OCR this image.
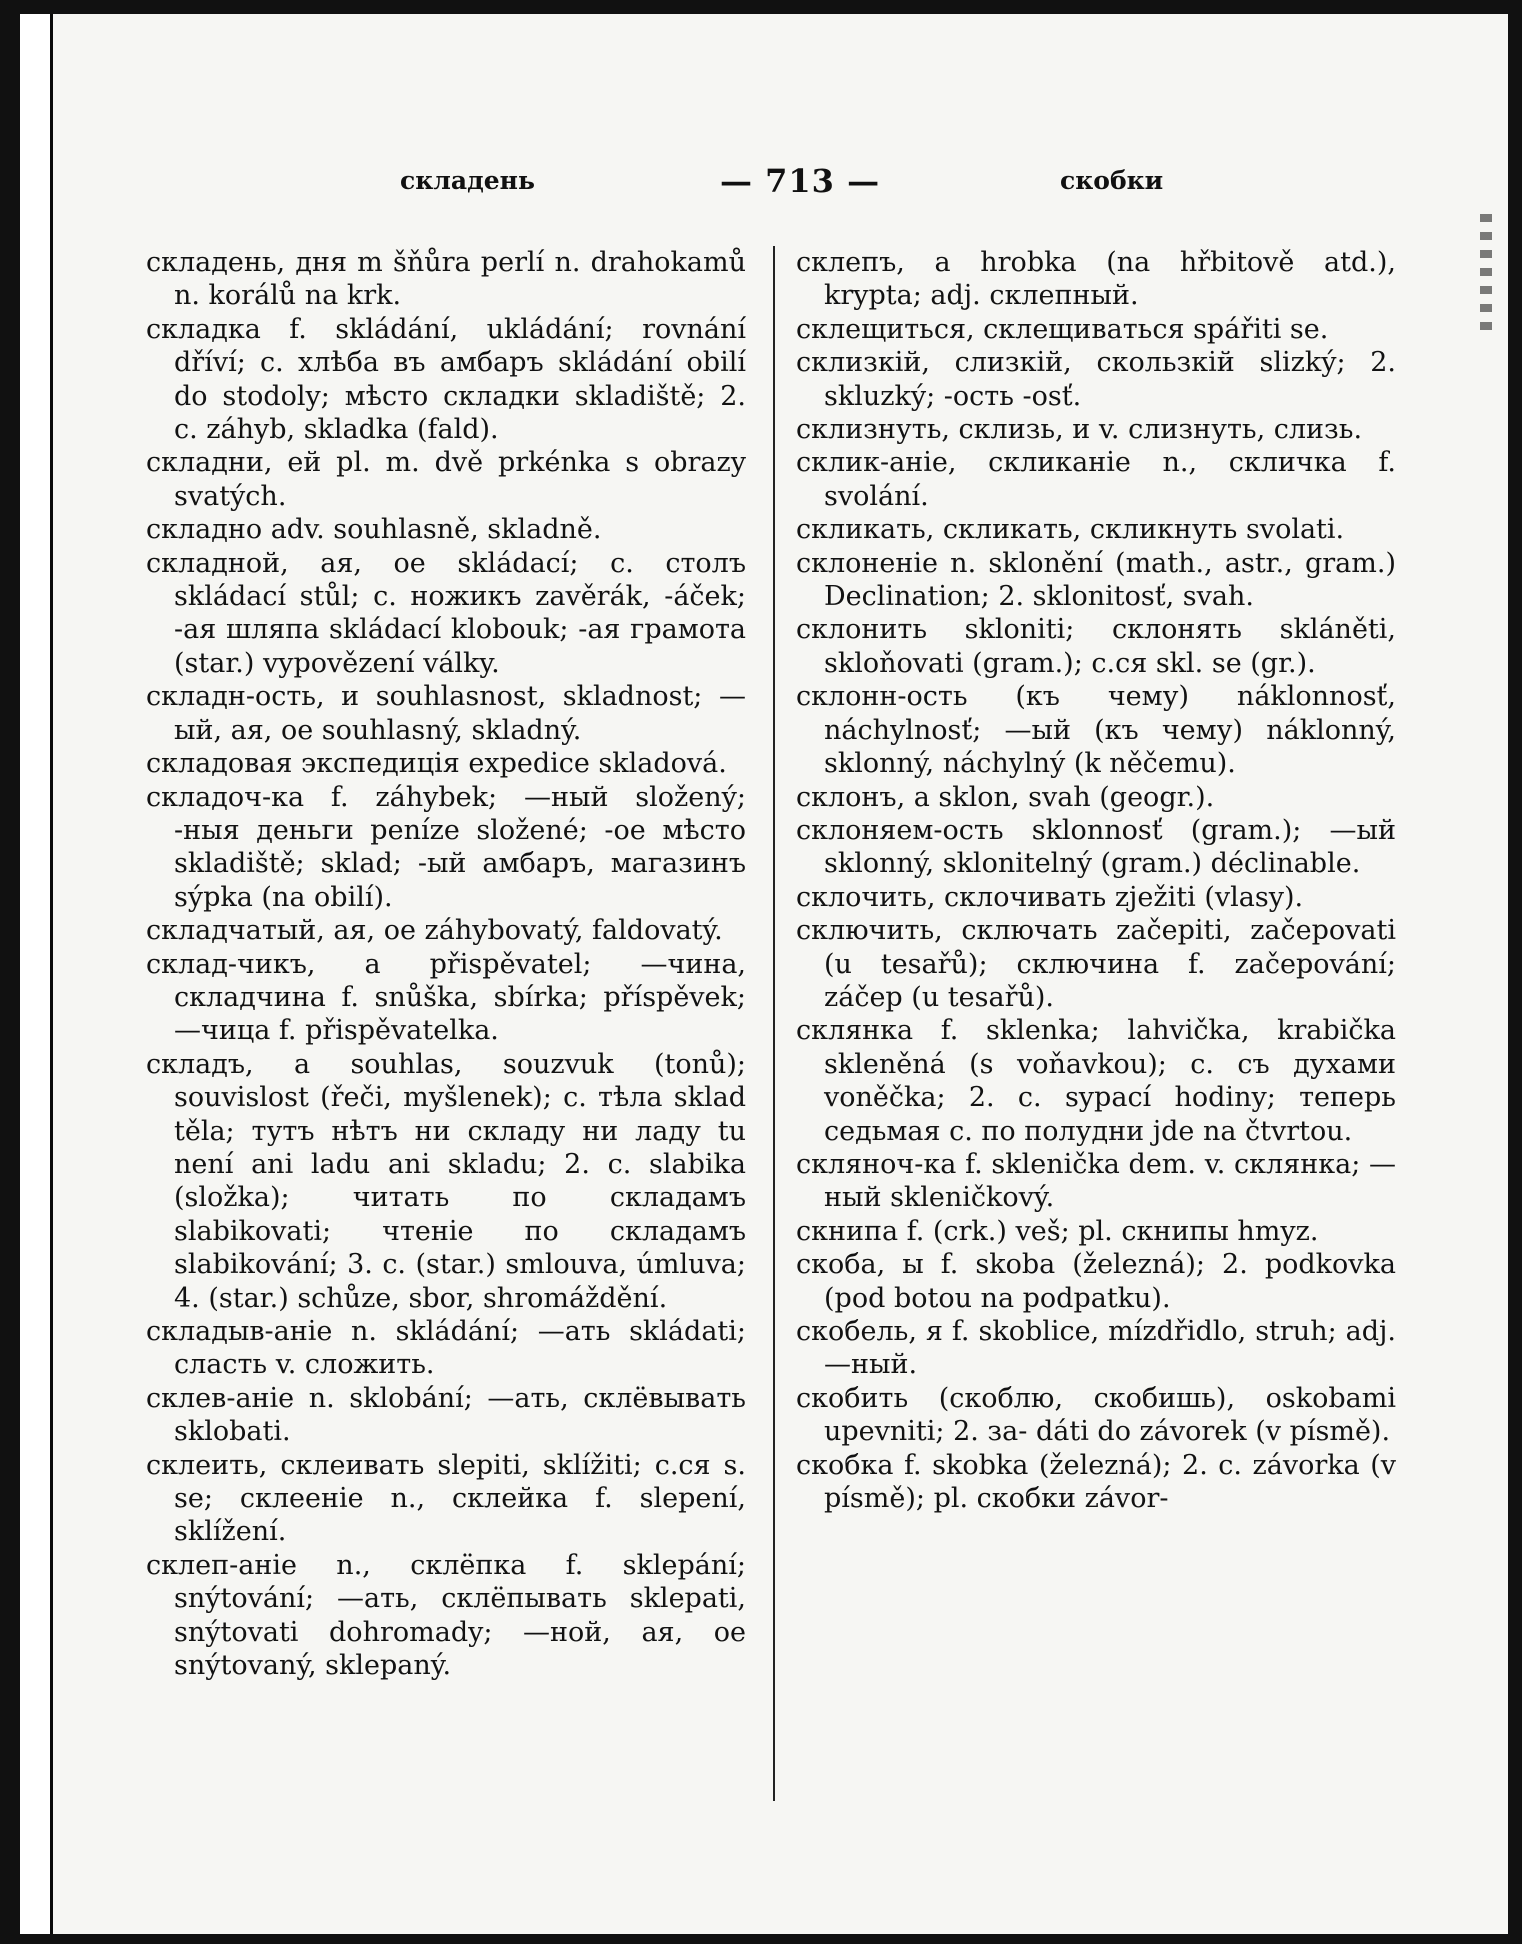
складень	— 713 —	скобки

складень, дня m šňůra perlí n. drahokamů n. korálů na krk.

складка f. skládání, ukládání; rovnání dříví; c. хлѣба въ амбаръ skládání obilí do stodoly; мѣсто складки skladiště; 2. c. záhyb, skladka (fald).

складни, ей pl. m. dvě prkénka s obrazy svatých.

складно adv. souhlasně, skladně.

складной, ая, ое skládací; c. столъ skládací stůl; c. ножикъ zavěrák, -áček; -ая шляпа skládací klobouk; -ая грамота (star.) vypovězení války.

складн-ость, и souhlasnost, skladnost; —ый, ая, ое souhlasný, skladný.

складовая экспедиція expedice skladová.

складоч-ка f. záhybek; —ный složený; -ныя деньги peníze složené; -ое мѣсто skladiště; sklad; -ый амбаръ, магазинъ sýpka (na obilí).

складчатый, ая, ое záhybovatý, faldovatý.

склад-чикъ, a přispěvatel; —чина, складчина f. snůška, sbírka; příspěvek; —чица f. přispěvatelka.

складъ, a souhlas, souzvuk (tonů); souvislost (řeči, myšlenek); c. тѣла sklad těla; тутъ нѣтъ ни складу ни ладу tu není ani ladu ani skladu; 2. c. slabika (složka); читать по складамъ slabikovati; чтеніе по складамъ slabikování; 3. c. (star.) smlouva, úmluva; 4. (star.) schůze, sbor, shromáždění.

складыв-аніе n. skládání; —ать skládati; сласть v. сложить.

склев-аніе n. sklobání; —ать, склёвывать sklobati.

склеить, склеивать slepiti, sklížiti; c.ся s. se; склееніе n., склейка f. slepení, sklížení.

склеп-аніе n., склёпка f. sklepání; snýtování; —ать, склёпывать sklepati, snýtovati dohromady; —ной, ая, ое snýtovaný, sklepaný.

склепъ, a hrobka (na hřbitově atd.), krypta; adj. склепный.

склещиться, склещиваться spářiti se.

склизкій, слизкій, скользкій slizký; 2. skluzký; -ость -osť.

склизнуть, склизь, и v. слизнуть, слизь.

склик-аніе, скликаніе n., скличка f. svolání.

скликать, скликать, скликнуть svolati.

склоненіе n. sklonění (math., astr., gram.) Declination; 2. sklonitosť, svah.

склонить skloniti; склонять skláněti, skloňovati (gram.); c.ся skl. se (gr.).

склонн-ость (къ чему) náklonnosť, náchylnosť; —ый (къ чему) náklonný, sklonný, náchylný (k něčemu).

склонъ, a sklon, svah (geogr.).

склоняем-ость sklonnosť (gram.); —ый sklonný, sklonitelný (gram.) déclinable.

склочить, склочивать zježiti (vlasy).

сключить, сключать začepiti, začepovati (u tesařů); сключина f. začepování; záčep (u tesařů).

склянка f. sklenka; lahvička, krabička skleněná (s voňavkou); c. съ духами voněčka; 2. c. sypací hodiny; теперь седьмая c. по полудни jde na čtvrtou.

скляноч-ка f. sklenička dem. v. склянка; —ный skleničkový.

скнипа f. (crk.) veš; pl. скнипы hmyz.

скоба, ы f. skoba (železná); 2. podkovka (pod botou na podpatku).

скобель, я f. skoblice, mízdřidlo, struh; adj. —ный.

скобить (скоблю, скобишь), oskobami upevniti; 2. за- dáti do závorek (v písmě).

скобка f. skobka (železná); 2. c. závorka (v písmě); pl. скобки závor-
